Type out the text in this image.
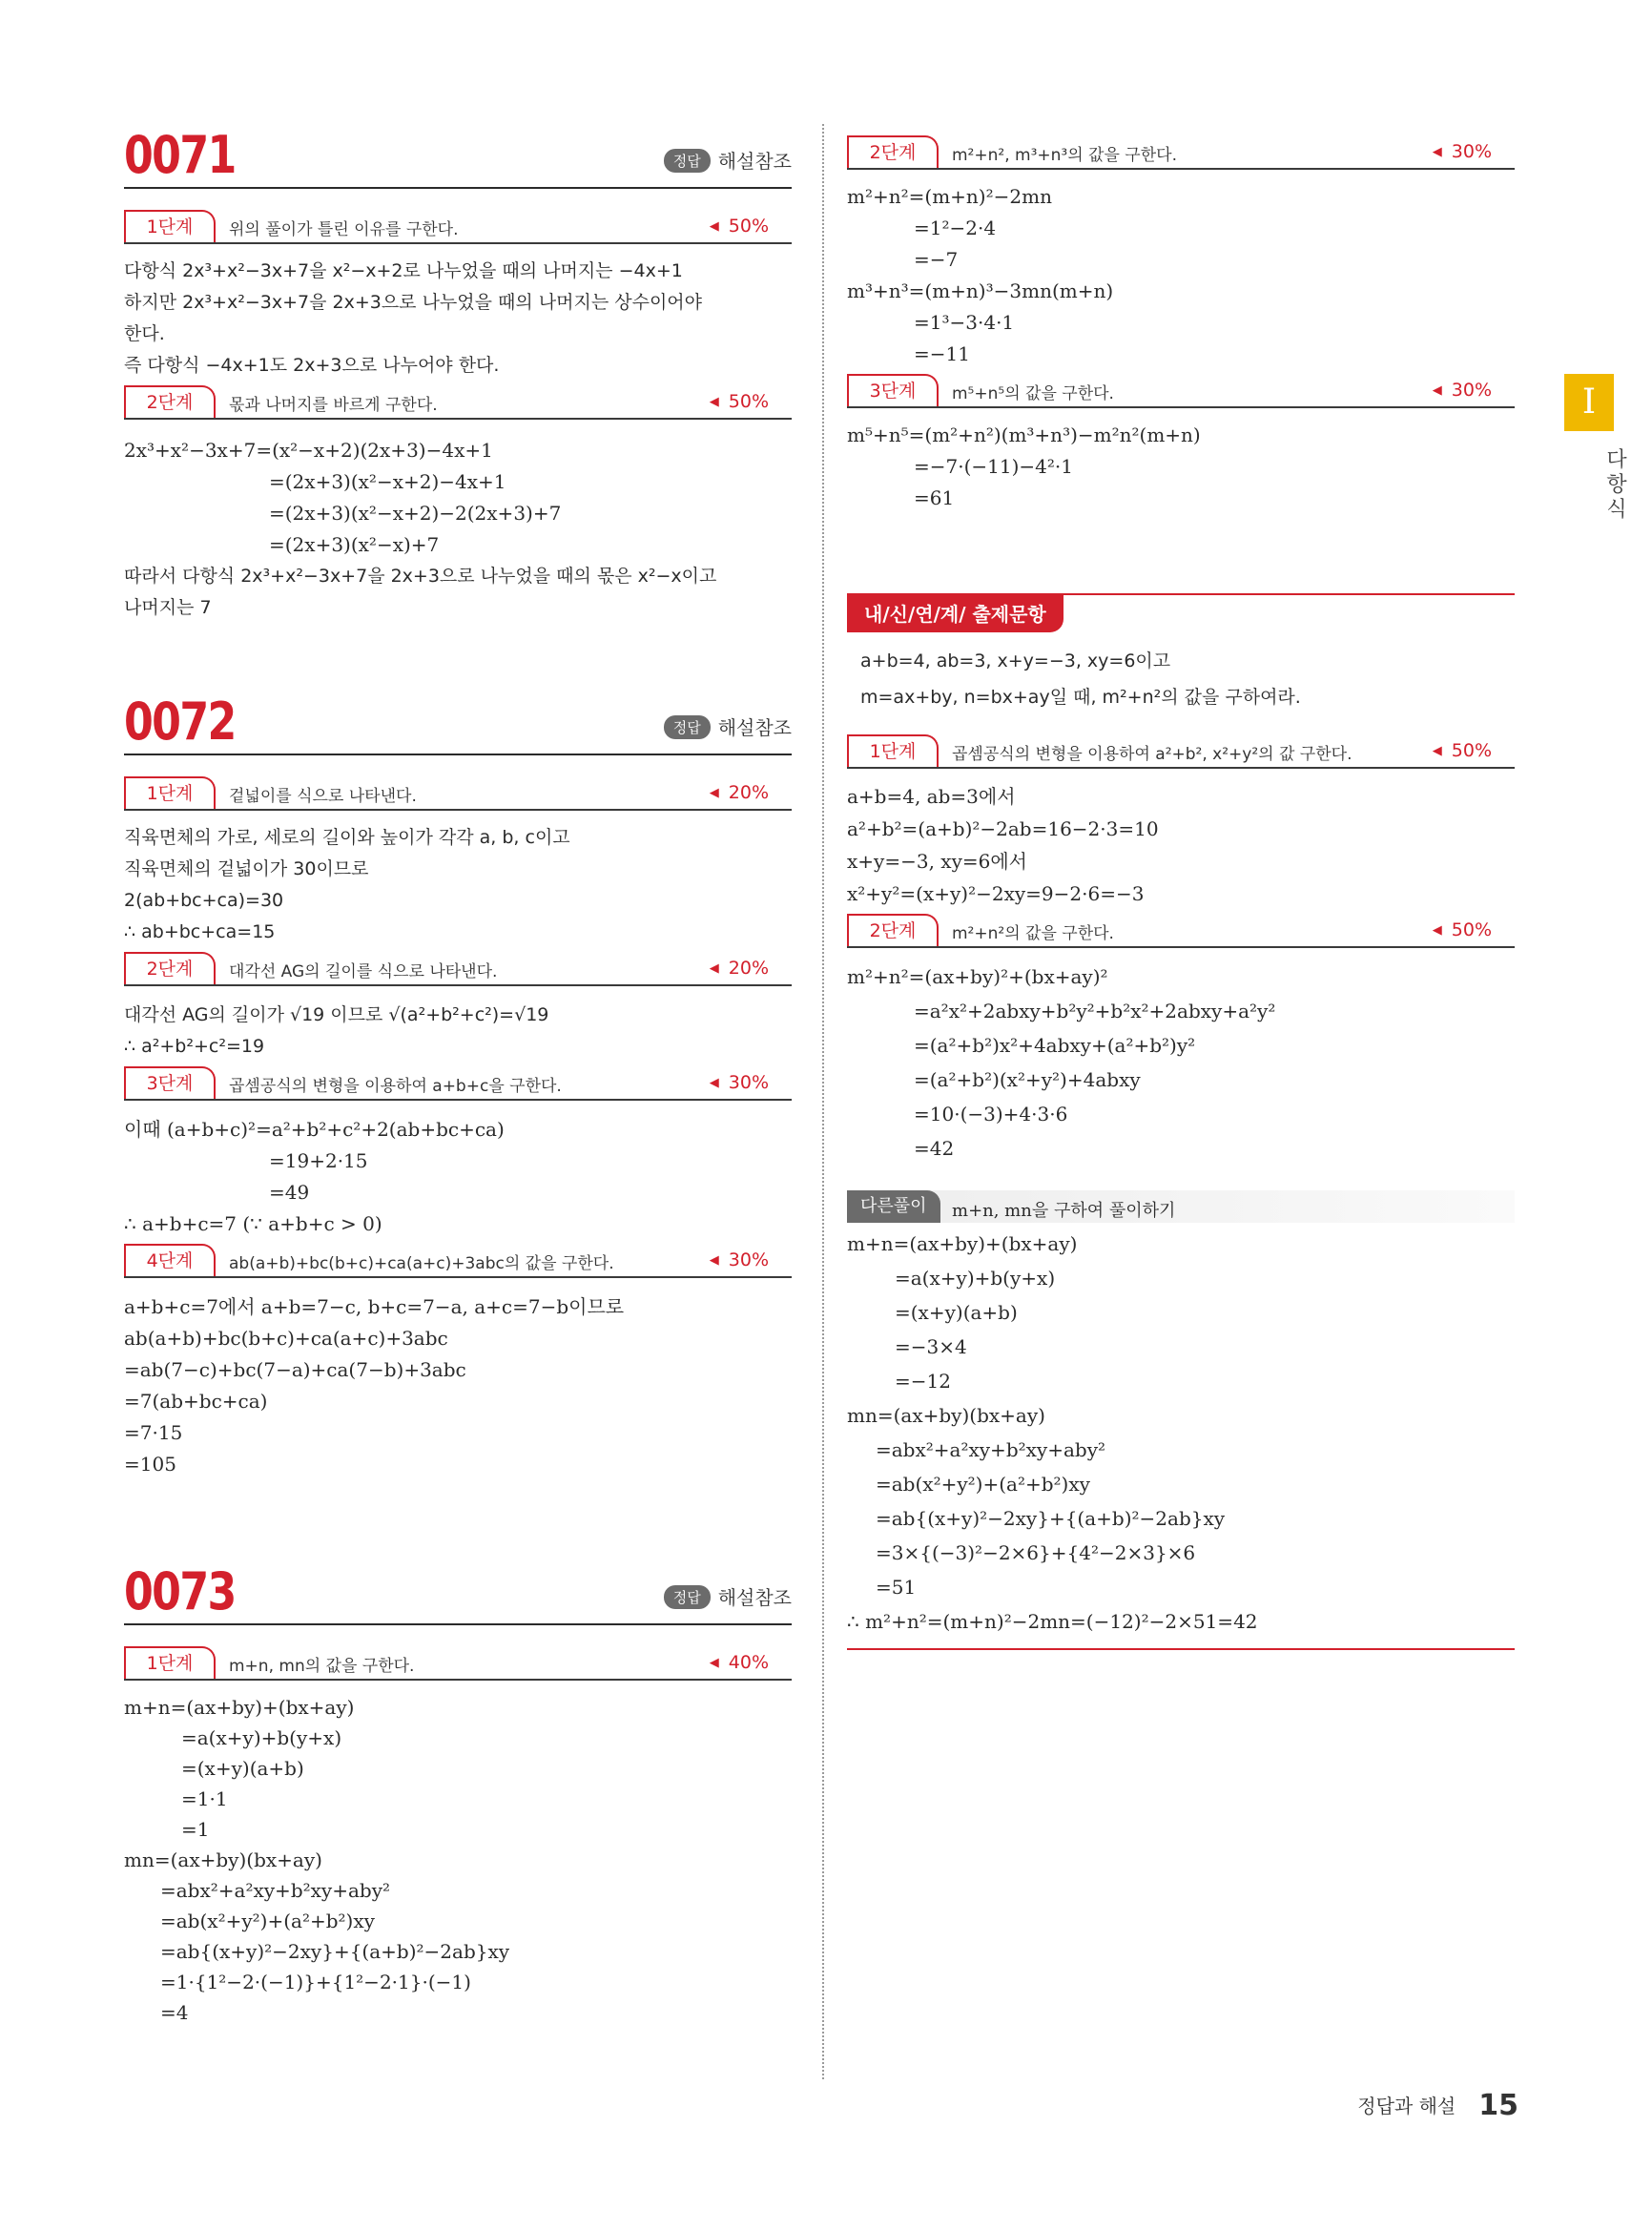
0071	정답 해설참조
1단계	위의 풀이가 틀린 이유를 구한다.	◀ 50%
다항식 2x³+x²−3x+7을 x²−x+2로 나누었을 때의 나머지는 −4x+1
하지만 2x³+x²−3x+7을 2x+3으로 나누었을 때의 나머지는 상수이어야
한다.
즉 다항식 −4x+1도 2x+3으로 나누어야 한다.
2단계	몫과 나머지를 바르게 구한다.	◀ 50%
2x³+x²−3x+7=(x²−x+2)(2x+3)−4x+1
=(2x+3)(x²−x+2)−4x+1
=(2x+3)(x²−x+2)−2(2x+3)+7
=(2x+3)(x²−x)+7
따라서 다항식 2x³+x²−3x+7을 2x+3으로 나누었을 때의 몫은 x²−x이고
나머지는 7
0072	정답 해설참조
1단계	겉넓이를 식으로 나타낸다.	◀ 20%
직육면체의 가로, 세로의 길이와 높이가 각각 a, b, c이고
직육면체의 겉넓이가 30이므로
2(ab+bc+ca)=30
∴ ab+bc+ca=15
2단계	대각선 AG의 길이를 식으로 나타낸다.	◀ 20%
대각선 AG의 길이가 √19 이므로 √(a²+b²+c²)=√19
∴ a²+b²+c²=19
3단계	곱셈공식의 변형을 이용하여 a+b+c을 구한다.	◀ 30%
이때 (a+b+c)²=a²+b²+c²+2(ab+bc+ca)
=19+2·15
=49
∴ a+b+c=7 (∵ a+b+c > 0)
4단계	ab(a+b)+bc(b+c)+ca(a+c)+3abc의 값을 구한다.	◀ 30%
a+b+c=7에서 a+b=7−c, b+c=7−a, a+c=7−b이므로
ab(a+b)+bc(b+c)+ca(a+c)+3abc
=ab(7−c)+bc(7−a)+ca(7−b)+3abc
=7(ab+bc+ca)
=7·15
=105
0073	정답 해설참조
1단계	m+n, mn의 값을 구한다.	◀ 40%
m+n=(ax+by)+(bx+ay)
=a(x+y)+b(y+x)
=(x+y)(a+b)
=1·1
=1
mn=(ax+by)(bx+ay)
=abx²+a²xy+b²xy+aby²
=ab(x²+y²)+(a²+b²)xy
=ab{(x+y)²−2xy}+{(a+b)²−2ab}xy
=1·{1²−2·(−1)}+{1²−2·1}·(−1)
=4
2단계	m²+n², m³+n³의 값을 구한다.	◀ 30%
m²+n²=(m+n)²−2mn
=1²−2·4
=−7
m³+n³=(m+n)³−3mn(m+n)
=1³−3·4·1
=−11
3단계	m⁵+n⁵의 값을 구한다.	◀ 30%
m⁵+n⁵=(m²+n²)(m³+n³)−m²n²(m+n)
=−7·(−11)−4²·1
=61
내/신/연/계/ 출제문항
a+b=4, ab=3, x+y=−3, xy=6이고
m=ax+by, n=bx+ay일 때, m²+n²의 값을 구하여라.
1단계	곱셈공식의 변형을 이용하여 a²+b², x²+y²의 값 구한다.	◀ 50%
a+b=4, ab=3에서
a²+b²=(a+b)²−2ab=16−2·3=10
x+y=−3, xy=6에서
x²+y²=(x+y)²−2xy=9−2·6=−3
2단계	m²+n²의 값을 구한다.	◀ 50%
m²+n²=(ax+by)²+(bx+ay)²
=a²x²+2abxy+b²y²+b²x²+2abxy+a²y²
=(a²+b²)x²+4abxy+(a²+b²)y²
=(a²+b²)(x²+y²)+4abxy
=10·(−3)+4·3·6
=42
다른풀이	m+n, mn을 구하여 풀이하기
m+n=(ax+by)+(bx+ay)
=a(x+y)+b(y+x)
=(x+y)(a+b)
=−3×4
=−12
mn=(ax+by)(bx+ay)
=abx²+a²xy+b²xy+aby²
=ab(x²+y²)+(a²+b²)xy
=ab{(x+y)²−2xy}+{(a+b)²−2ab}xy
=3×{(−3)²−2×6}+{4²−2×3}×6
=51
∴ m²+n²=(m+n)²−2mn=(−12)²−2×51=42
I
다항식
정답과 해설 15
